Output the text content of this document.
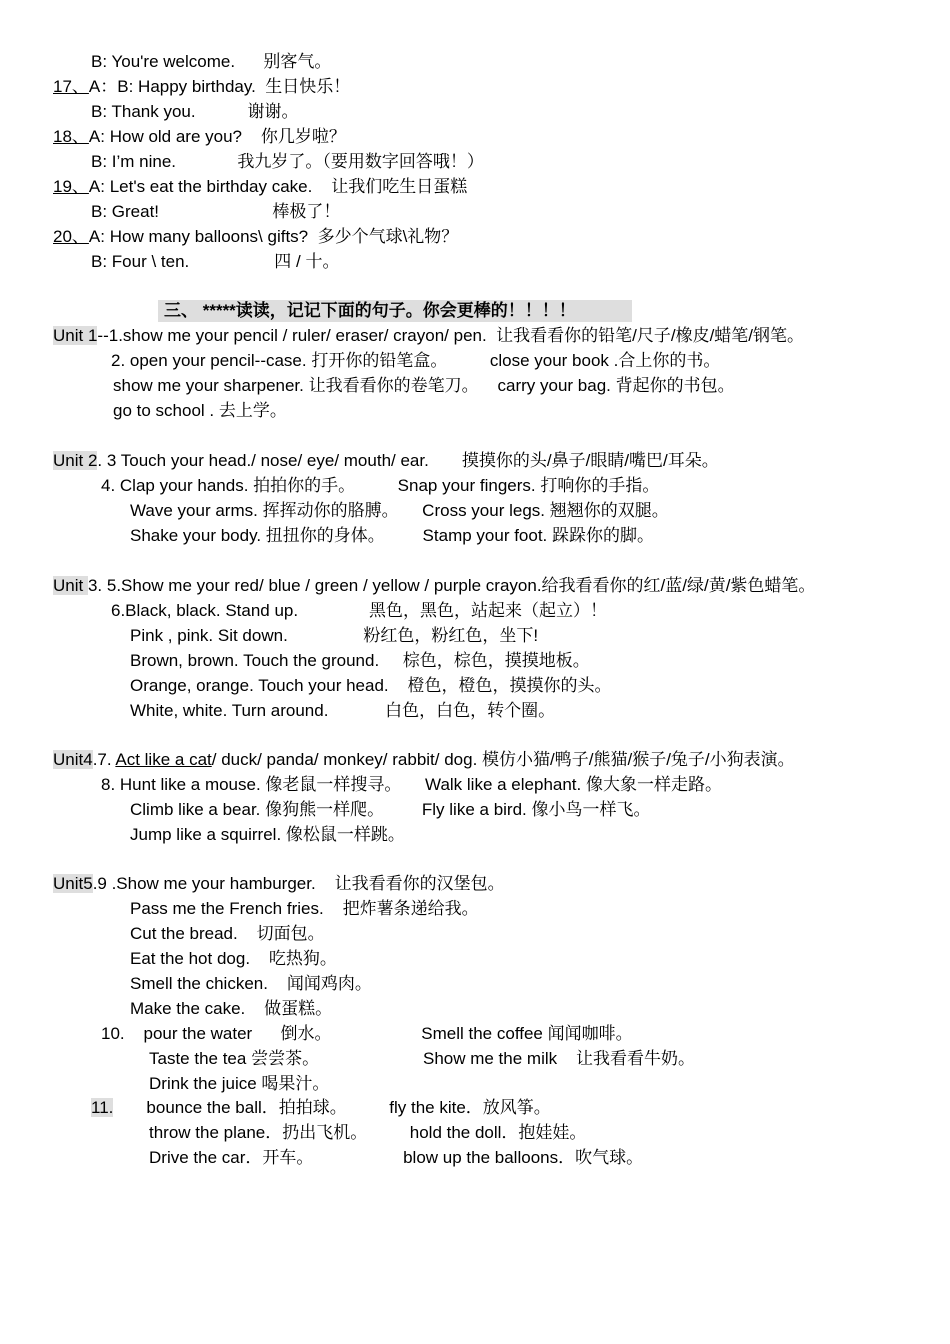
B: You're welcome.      别客气。
17、A：B: Happy birthday.  生日快乐！
B: Thank you.           谢谢。
18、A: How old are you?    你几岁啦？
B: I’m nine.             我九岁了。（要用数字回答哦！）
19、A: Let's eat the birthday cake.    让我们吃生日蛋糕
B: Great!                        棒极了！
20、A: How many balloons\ gifts?  多少个气球\礼物？
B: Four \ ten.                  四 / 十。
三、 *****读读，记记下面的句子。你会更棒的！！！！
Unit 1--1.show me your pencil / ruler/ eraser/ crayon/ pen.  让我看看你的铅笔/尺子/橡皮/蜡笔/钢笔。
2. open your pencil--case. 打开你的铅笔盒。         close your book .合上你的书。
show me your sharpener. 让我看看你的卷笔刀。    carry your bag. 背起你的书包。
go to school . 去上学。
Unit 2. 3 Touch your head./ nose/ eye/ mouth/ ear.       摸摸你的头/鼻子/眼睛/嘴巴/耳朵。
4. Clap your hands. 拍拍你的手。         Snap your fingers. 打响你的手指。
Wave your arms. 挥挥动你的胳膊。     Cross your legs. 翘翘你的双腿。
Shake your body. 扭扭你的身体。        Stamp your foot. 跺跺你的脚。
Unit 3. 5.Show me your red/ blue / green / yellow / purple crayon.给我看看你的红/蓝/绿/黄/紫色蜡笔。
6.Black, black. Stand up.               黑色，黑色，站起来（起立）！
Pink , pink. Sit down.                粉红色，粉红色，坐下!
Brown, brown. Touch the ground.     棕色，棕色，摸摸地板。
Orange, orange. Touch your head.    橙色，橙色，摸摸你的头。
White, white. Turn around.            白色，白色，转个圈。
Unit4.7. Act like a cat/ duck/ panda/ monkey/ rabbit/ dog. 模仿小猫/鸭子/熊猫/猴子/兔子/小狗表演。
8. Hunt like a mouse. 像老鼠一样搜寻。     Walk like a elephant. 像大象一样走路。
Climb like a bear. 像狗熊一样爬。        Fly like a bird. 像小鸟一样飞。
Jump like a squirrel. 像松鼠一样跳。
Unit5.9 .Show me your hamburger.    让我看看你的汉堡包。
Pass me the French fries.    把炸薯条递给我。
Cut the bread.    切面包。
Eat the hot dog.    吃热狗。
Smell the chicken.    闻闻鸡肉。
Make the cake.    做蛋糕。
10.    pour the water      倒水。                   Smell the coffee 闻闻咖啡。
Taste the tea 尝尝茶。                      Show me the milk    让我看看牛奶。
Drink the juice 喝果汁。
11.       bounce the ball．拍拍球。         fly the kite．放风筝。
throw the plane．扔出飞机。         hold the doll．抱娃娃。
Drive the car．开车。                   blow up the balloons．吹气球。
